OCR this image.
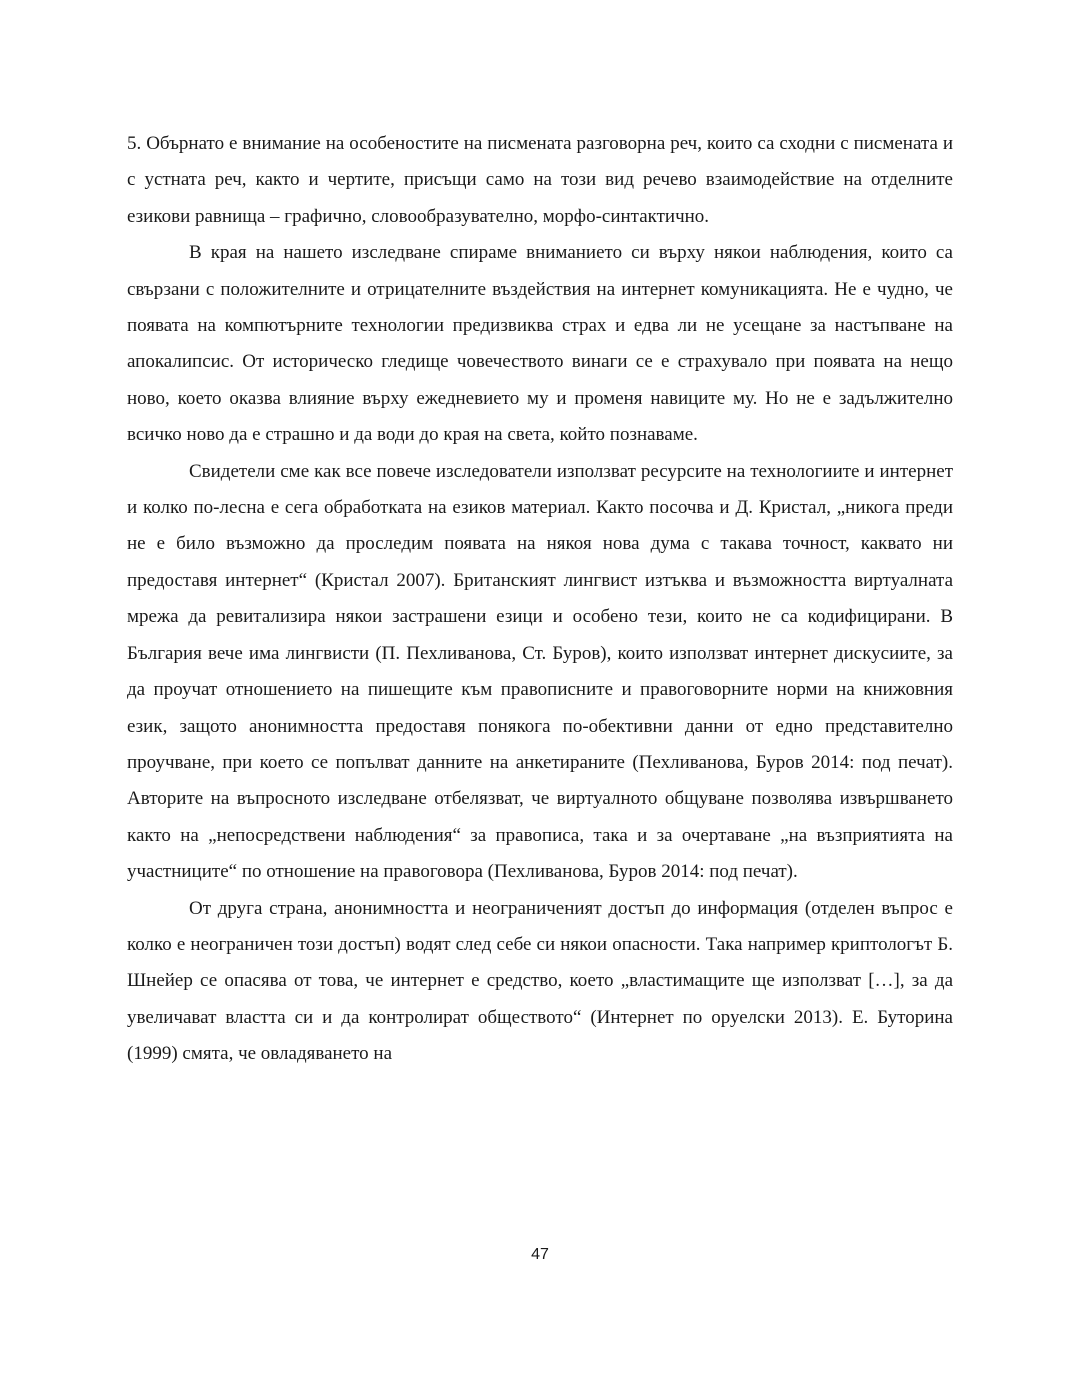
5. Обърнато е внимание на особеностите на писмената разговорна реч, които са сходни с писмената и с устната реч, както и чертите, присъщи само на този вид речево взаимодействие на отделните езикови равнища – графично, словообразувателно, морфо-синтактично.

В края на нашето изследване спираме вниманието си върху някои наблюдения, които са свързани с положителните и отрицателните въздействия на интернет комуникацията. Не е чудно, че появата на компютърните технологии предизвиква страх и едва ли не усещане за настъпване на апокалипсис. От историческо гледище човечеството винаги се е страхувало при появата на нещо ново, което оказва влияние върху ежедневието му и променя навиците му. Но не е задължително всичко ново да е страшно и да води до края на света, който познаваме.

Свидетели сме как все повече изследователи използват ресурсите на технологиите и интернет и колко по-лесна е сега обработката на езиков материал. Както посочва и Д. Кристал, „никога преди не е било възможно да проследим появата на някоя нова дума с такава точност, каквато ни предоставя интернет“ (Кристал 2007). Британският лингвист изтъква и възможността виртуалната мрежа да ревитализира някои застрашени езици и особено тези, които не са кодифицирани. В България вече има лингвисти (П. Пехливанова, Ст. Буров), които използват интернет дискусиите, за да проучат отношението на пишещите към правописните и правоговорните норми на книжовния език, защото анонимността предоставя понякога по-обективни данни от едно представително проучване, при което се попълват данните на анкетираните (Пехливанова, Буров 2014: под печат). Авторите на въпросното изследване отбелязват, че виртуалното общуване позволява извършването както на „непосредствени наблюдения“ за правописа, така и за очертаване „на възприятията на участниците“ по отношение на правоговора (Пехливанова, Буров 2014: под печат).

От друга страна, анонимността и неограниченият достъп до информация (отделен въпрос е колко е неограничен този достъп) водят след себе си някои опасности. Така например криптологът Б. Шнейер се опасява от това, че интернет е средство, което „властимащите ще използват […], за да увеличават властта си и да контролират обществото“ (Интернет по оруелски 2013). Е. Буторина (1999) смята, че овладяването на

47
